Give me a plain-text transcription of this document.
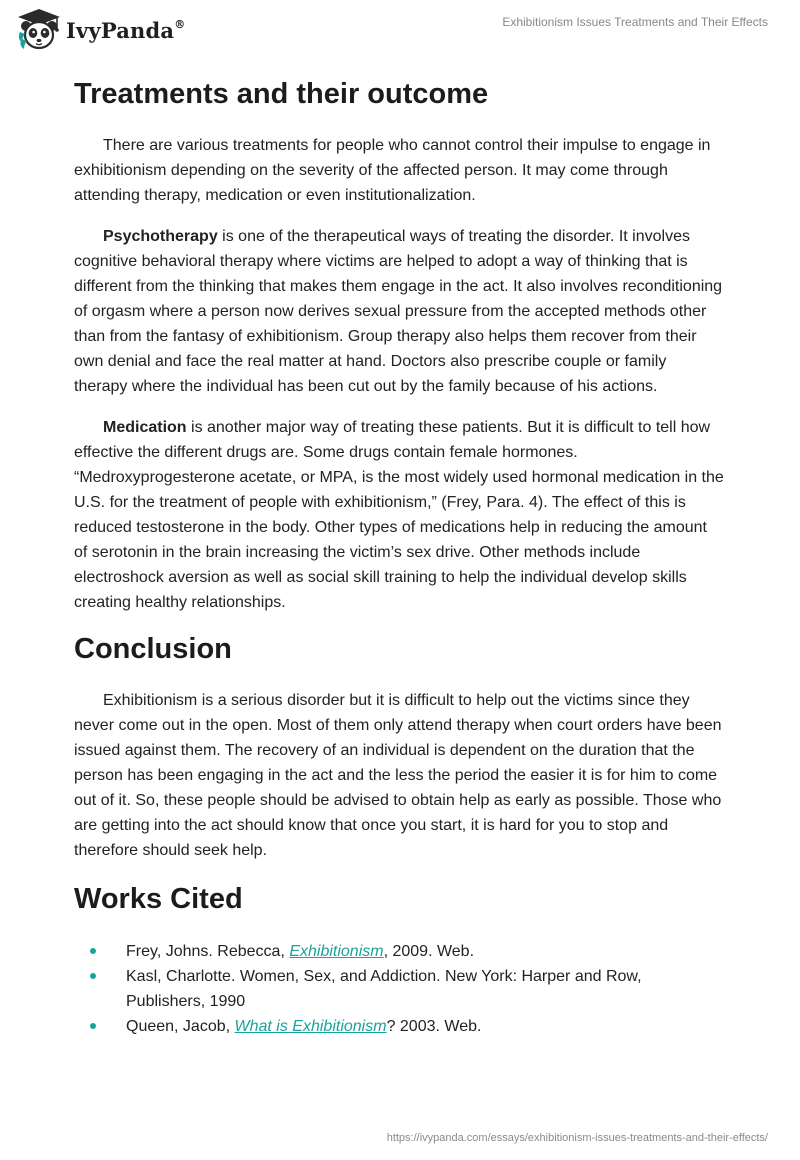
IvyPanda®	Exhibitionism Issues Treatments and Their Effects
Treatments and their outcome

There are various treatments for people who cannot control their impulse to engage in exhibitionism depending on the severity of the affected person. It may come through attending therapy, medication or even institutionalization.

Psychotherapy is one of the therapeutical ways of treating the disorder. It involves cognitive behavioral therapy where victims are helped to adopt a way of thinking that is different from the thinking that makes them engage in the act. It also involves reconditioning of orgasm where a person now derives sexual pressure from the accepted methods other than from the fantasy of exhibitionism. Group therapy also helps them recover from their own denial and face the real matter at hand. Doctors also prescribe couple or family therapy where the individual has been cut out by the family because of his actions.

Medication is another major way of treating these patients. But it is difficult to tell how effective the different drugs are. Some drugs contain female hormones. “Medroxyprogesterone acetate, or MPA, is the most widely used hormonal medication in the U.S. for the treatment of people with exhibitionism,” (Frey, Para. 4). The effect of this is reduced testosterone in the body. Other types of medications help in reducing the amount of serotonin in the brain increasing the victim’s sex drive. Other methods include electroshock aversion as well as social skill training to help the individual develop skills creating healthy relationships.

Conclusion

Exhibitionism is a serious disorder but it is difficult to help out the victims since they never come out in the open. Most of them only attend therapy when court orders have been issued against them. The recovery of an individual is dependent on the duration that the person has been engaging in the act and the less the period the easier it is for him to come out of it. So, these people should be advised to obtain help as early as possible. Those who are getting into the act should know that once you start, it is hard for you to stop and therefore should seek help.

Works Cited
Frey, Johns. Rebecca, Exhibitionism, 2009. Web.
Kasl, Charlotte. Women, Sex, and Addiction. New York: Harper and Row, Publishers, 1990
Queen, Jacob, What is Exhibitionism? 2003. Web.
https://ivypanda.com/essays/exhibitionism-issues-treatments-and-their-effects/
